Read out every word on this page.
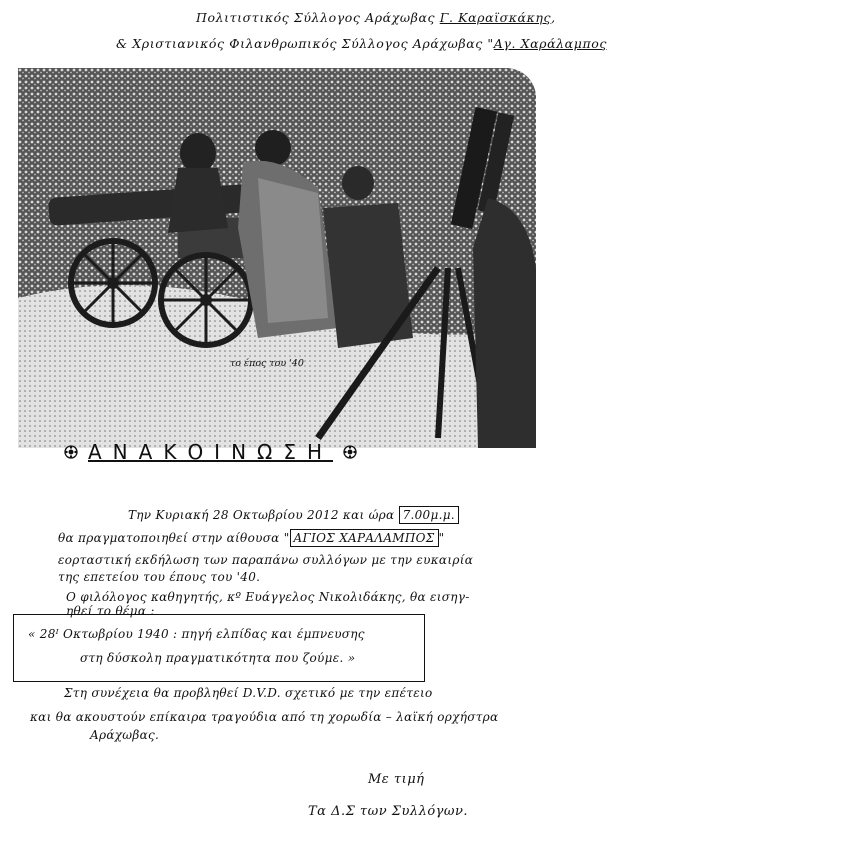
Πολιτιστικός Σύλλογος Αράχωβας Γ. Καραϊσκάκης,
& Χριστιανικός Φιλανθρωπικός Σύλλογος Αράχωβας "Αγ. Χαράλαμπος
το έπος του '40
ΑΝΑΚΟΙΝΩΣΗ
Την Κυριακή 28 Οκτωβρίου 2012 και ώρα 7.00μ.μ.
θα πραγματοποιηθεί στην αίθουσα " ΑΓΙΟΣ ΧΑΡΑΛΑΜΠΟΣ "
εορταστική εκδήλωση των παραπάνω συλλόγων με την ευκαιρία
της επετείου του έπους του '40.
Ο φιλόλογος καθηγητής, κº Ευάγγελος Νικολιδάκης, θα εισηγ-
ηθεί το θέμα :
« 28ᴵ Οκτωβρίου 1940 : πηγή ελπίδας και έμπνευσης
στη δύσκολη πραγματικότητα που ζούμε. »
Στη συνέχεια θα προβληθεί D.V.D. σχετικό με την επέτειο
και θα ακουστούν επίκαιρα τραγούδια από τη χορωδία – λαϊκή ορχήστρα
Αράχωβας.
Με τιμή
Τα Δ.Σ των Συλλόγων.
